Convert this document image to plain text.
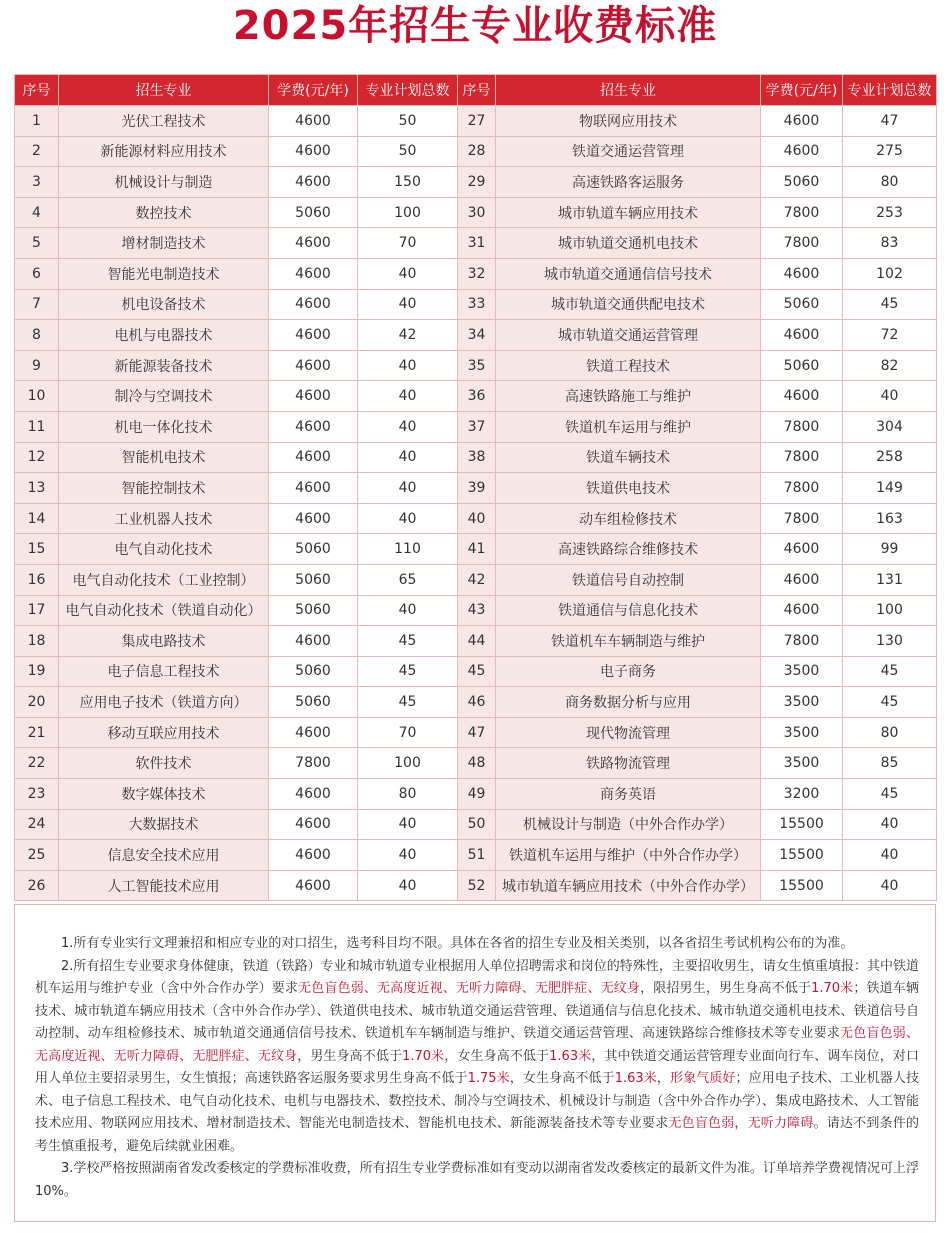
2025年招生专业收费标准
序号	招生专业	学费(元/年)	专业计划总数	序号	招生专业	学费(元/年)	专业计划总数
1	光伏工程技术	4600	50	27	物联网应用技术	4600	47
2	新能源材料应用技术	4600	50	28	铁道交通运营管理	4600	275
3	机械设计与制造	4600	150	29	高速铁路客运服务	5060	80
4	数控技术	5060	100	30	城市轨道车辆应用技术	7800	253
5	增材制造技术	4600	70	31	城市轨道交通机电技术	7800	83
6	智能光电制造技术	4600	40	32	城市轨道交通通信信号技术	4600	102
7	机电设备技术	4600	40	33	城市轨道交通供配电技术	5060	45
8	电机与电器技术	4600	42	34	城市轨道交通运营管理	4600	72
9	新能源装备技术	4600	40	35	铁道工程技术	5060	82
10	制冷与空调技术	4600	40	36	高速铁路施工与维护	4600	40
11	机电一体化技术	4600	40	37	铁道机车运用与维护	7800	304
12	智能机电技术	4600	40	38	铁道车辆技术	7800	258
13	智能控制技术	4600	40	39	铁道供电技术	7800	149
14	工业机器人技术	4600	40	40	动车组检修技术	7800	163
15	电气自动化技术	5060	110	41	高速铁路综合维修技术	4600	99
16	电气自动化技术（工业控制）	5060	65	42	铁道信号自动控制	4600	131
17	电气自动化技术（铁道自动化）	5060	40	43	铁道通信与信息化技术	4600	100
18	集成电路技术	4600	45	44	铁道机车车辆制造与维护	7800	130
19	电子信息工程技术	5060	45	45	电子商务	3500	45
20	应用电子技术（铁道方向）	5060	45	46	商务数据分析与应用	3500	45
21	移动互联应用技术	4600	70	47	现代物流管理	3500	80
22	软件技术	7800	100	48	铁路物流管理	3500	85
23	数字媒体技术	4600	80	49	商务英语	3200	45
24	大数据技术	4600	40	50	机械设计与制造（中外合作办学）	15500	40
25	信息安全技术应用	4600	40	51	铁道机车运用与维护（中外合作办学）	15500	40
26	人工智能技术应用	4600	40	52	城市轨道车辆应用技术（中外合作办学）	15500	40

1.所有专业实行文理兼招和相应专业的对口招生，选考科目均不限。具体在各省的招生专业及相关类别，以各省招生考试机构公布的为准。

2.所有招生专业要求身体健康，铁道（铁路）专业和城市轨道专业根据用人单位招聘需求和岗位的特殊性，主要招收男生，请女生慎重填报：其中铁道机车运用与维护专业（含中外合作办学）要求无色盲色弱、无高度近视、无听力障碍、无肥胖症、无纹身，限招男生，男生身高不低于1.70米；铁道车辆技术、城市轨道车辆应用技术（含中外合作办学）、铁道供电技术、城市轨道交通运营管理、铁道通信与信息化技术、城市轨道交通机电技术、铁道信号自动控制、动车组检修技术、城市轨道交通通信信号技术、铁道机车车辆制造与维护、铁道交通运营管理、高速铁路综合维修技术等专业要求无色盲色弱、无高度近视、无听力障碍、无肥胖症、无纹身，男生身高不低于1.70米，女生身高不低于1.63米，其中铁道交通运营管理专业面向行车、调车岗位，对口用人单位主要招录男生，女生慎报；高速铁路客运服务要求男生身高不低于1.75米，女生身高不低于1.63米，形象气质好；应用电子技术、工业机器人技术、电子信息工程技术、电气自动化技术、电机与电器技术、数控技术、制冷与空调技术、机械设计与制造（含中外合作办学）、集成电路技术、人工智能技术应用、物联网应用技术、增材制造技术、智能光电制造技术、智能机电技术、新能源装备技术等专业要求无色盲色弱，无听力障碍。请达不到条件的考生慎重报考，避免后续就业困难。

3.学校严格按照湖南省发改委核定的学费标准收费，所有招生专业学费标准如有变动以湖南省发改委核定的最新文件为准。订单培养学费视情况可上浮10%。
